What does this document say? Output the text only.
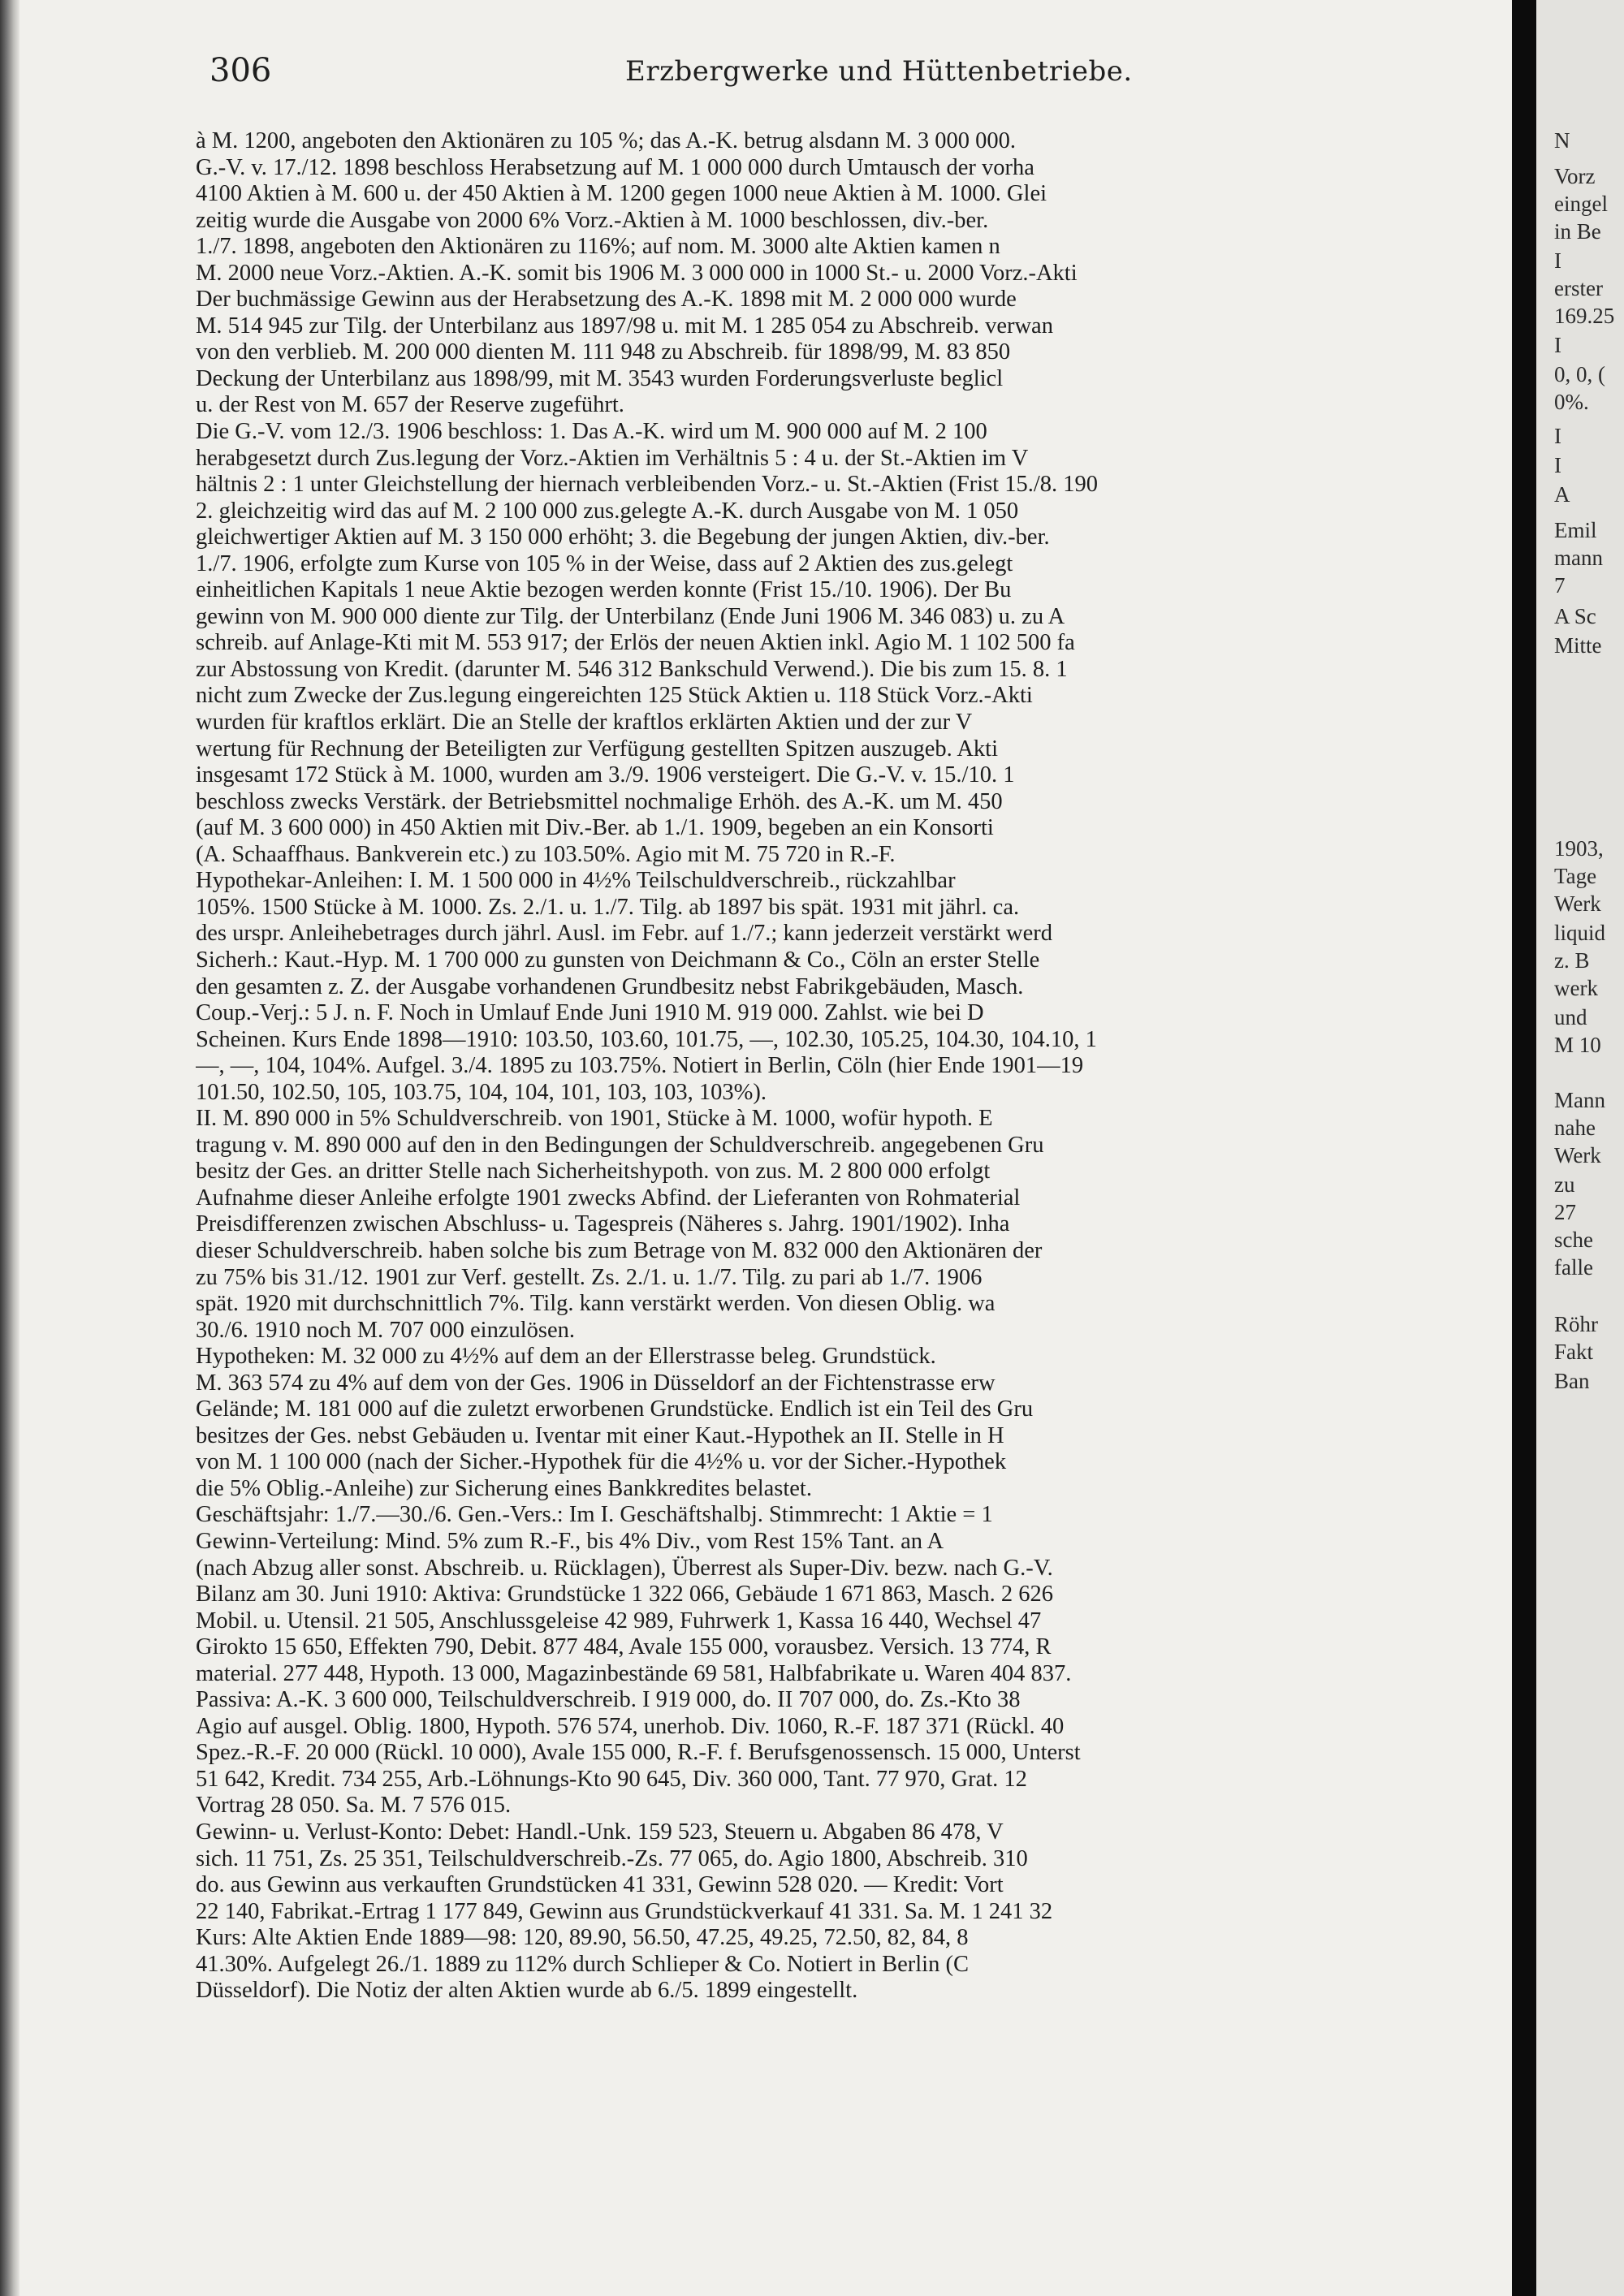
306	Erzbergwerke und Hüttenbetriebe.
à M. 1200, angeboten den Aktionären zu 105 %; das A.-K. betrug alsdann M. 3 000 000.
G.-V. v. 17./12. 1898 beschloss Herabsetzung auf M. 1 000 000 durch Umtausch der vorha
4100 Aktien à M. 600 u. der 450 Aktien à M. 1200 gegen 1000 neue Aktien à M. 1000. Glei
zeitig wurde die Ausgabe von 2000 6% Vorz.-Aktien à M. 1000 beschlossen, div.-ber.
1./7. 1898, angeboten den Aktionären zu 116%; auf nom. M. 3000 alte Aktien kamen n
M. 2000 neue Vorz.-Aktien. A.-K. somit bis 1906 M. 3 000 000 in 1000 St.- u. 2000 Vorz.-Akti
Der buchmässige Gewinn aus der Herabsetzung des A.-K. 1898 mit M. 2 000 000 wurde
M. 514 945 zur Tilg. der Unterbilanz aus 1897/98 u. mit M. 1 285 054 zu Abschreib. verwan
von den verblieb. M. 200 000 dienten M. 111 948 zu Abschreib. für 1898/99, M. 83 850
Deckung der Unterbilanz aus 1898/99, mit M. 3543 wurden Forderungsverluste beglicl
u. der Rest von M. 657 der Reserve zugeführt.
Die G.-V. vom 12./3. 1906 beschloss: 1. Das A.-K. wird um M. 900 000 auf M. 2 100
herabgesetzt durch Zus.legung der Vorz.-Aktien im Verhältnis 5 : 4 u. der St.-Aktien im V
hältnis 2 : 1 unter Gleichstellung der hiernach verbleibenden Vorz.- u. St.-Aktien (Frist 15./8. 190
2. gleichzeitig wird das auf M. 2 100 000 zus.gelegte A.-K. durch Ausgabe von M. 1 050
gleichwertiger Aktien auf M. 3 150 000 erhöht; 3. die Begebung der jungen Aktien, div.-ber.
1./7. 1906, erfolgte zum Kurse von 105 % in der Weise, dass auf 2 Aktien des zus.gelegt
einheitlichen Kapitals 1 neue Aktie bezogen werden konnte (Frist 15./10. 1906). Der Bu
gewinn von M. 900 000 diente zur Tilg. der Unterbilanz (Ende Juni 1906 M. 346 083) u. zu A
schreib. auf Anlage-Kti mit M. 553 917; der Erlös der neuen Aktien inkl. Agio M. 1 102 500 fa
zur Abstossung von Kredit. (darunter M. 546 312 Bankschuld Verwend.). Die bis zum 15. 8. 1
nicht zum Zwecke der Zus.legung eingereichten 125 Stück Aktien u. 118 Stück Vorz.-Akti
wurden für kraftlos erklärt. Die an Stelle der kraftlos erklärten Aktien und der zur V
wertung für Rechnung der Beteiligten zur Verfügung gestellten Spitzen auszugeb. Akti
insgesamt 172 Stück à M. 1000, wurden am 3./9. 1906 versteigert. Die G.-V. v. 15./10. 1
beschloss zwecks Verstärk. der Betriebsmittel nochmalige Erhöh. des A.-K. um M. 450
(auf M. 3 600 000) in 450 Aktien mit Div.-Ber. ab 1./1. 1909, begeben an ein Konsorti
(A. Schaaffhaus. Bankverein etc.) zu 103.50%. Agio mit M. 75 720 in R.-F.
Hypothekar-Anleihen: I. M. 1 500 000 in 4½% Teilschuldverschreib., rückzahlbar
105%. 1500 Stücke à M. 1000. Zs. 2./1. u. 1./7. Tilg. ab 1897 bis spät. 1931 mit jährl. ca.
des urspr. Anleihebetrages durch jährl. Ausl. im Febr. auf 1./7.; kann jederzeit verstärkt werd
Sicherh.: Kaut.-Hyp. M. 1 700 000 zu gunsten von Deichmann & Co., Cöln an erster Stelle
den gesamten z. Z. der Ausgabe vorhandenen Grundbesitz nebst Fabrikgebäuden, Masch.
Coup.-Verj.: 5 J. n. F. Noch in Umlauf Ende Juni 1910 M. 919 000. Zahlst. wie bei D
Scheinen. Kurs Ende 1898—1910: 103.50, 103.60, 101.75, —, 102.30, 105.25, 104.30, 104.10, 1
—, —, 104, 104%. Aufgel. 3./4. 1895 zu 103.75%. Notiert in Berlin, Cöln (hier Ende 1901—19
101.50, 102.50, 105, 103.75, 104, 104, 101, 103, 103, 103%).
II. M. 890 000 in 5% Schuldverschreib. von 1901, Stücke à M. 1000, wofür hypoth. E
tragung v. M. 890 000 auf den in den Bedingungen der Schuldverschreib. angegebenen Gru
besitz der Ges. an dritter Stelle nach Sicherheitshypoth. von zus. M. 2 800 000 erfolgt
Aufnahme dieser Anleihe erfolgte 1901 zwecks Abfind. der Lieferanten von Rohmaterial
Preisdifferenzen zwischen Abschluss- u. Tagespreis (Näheres s. Jahrg. 1901/1902). Inha
dieser Schuldverschreib. haben solche bis zum Betrage von M. 832 000 den Aktionären der
zu 75% bis 31./12. 1901 zur Verf. gestellt. Zs. 2./1. u. 1./7. Tilg. zu pari ab 1./7. 1906
spät. 1920 mit durchschnittlich 7%. Tilg. kann verstärkt werden. Von diesen Oblig. wa
30./6. 1910 noch M. 707 000 einzulösen.
Hypotheken: M. 32 000 zu 4½% auf dem an der Ellerstrasse beleg. Grundstück.
M. 363 574 zu 4% auf dem von der Ges. 1906 in Düsseldorf an der Fichtenstrasse erw
Gelände; M. 181 000 auf die zuletzt erworbenen Grundstücke. Endlich ist ein Teil des Gru
besitzes der Ges. nebst Gebäuden u. Iventar mit einer Kaut.-Hypothek an II. Stelle in H
von M. 1 100 000 (nach der Sicher.-Hypothek für die 4½% u. vor der Sicher.-Hypothek
die 5% Oblig.-Anleihe) zur Sicherung eines Bankkredites belastet.
Geschäftsjahr: 1./7.—30./6. Gen.-Vers.: Im I. Geschäftshalbj. Stimmrecht: 1 Aktie = 1
Gewinn-Verteilung: Mind. 5% zum R.-F., bis 4% Div., vom Rest 15% Tant. an A
(nach Abzug aller sonst. Abschreib. u. Rücklagen), Überrest als Super-Div. bezw. nach G.-V.
Bilanz am 30. Juni 1910: Aktiva: Grundstücke 1 322 066, Gebäude 1 671 863, Masch. 2 626
Mobil. u. Utensil. 21 505, Anschlussgeleise 42 989, Fuhrwerk 1, Kassa 16 440, Wechsel 47
Girokto 15 650, Effekten 790, Debit. 877 484, Avale 155 000, vorausbez. Versich. 13 774, R
material. 277 448, Hypoth. 13 000, Magazinbestände 69 581, Halbfabrikate u. Waren 404 837.
Passiva: A.-K. 3 600 000, Teilschuldverschreib. I 919 000, do. II 707 000, do. Zs.-Kto 38
Agio auf ausgel. Oblig. 1800, Hypoth. 576 574, unerhob. Div. 1060, R.-F. 187 371 (Rückl. 40
Spez.-R.-F. 20 000 (Rückl. 10 000), Avale 155 000, R.-F. f. Berufsgenossensch. 15 000, Unterst
51 642, Kredit. 734 255, Arb.-Löhnungs-Kto 90 645, Div. 360 000, Tant. 77 970, Grat. 12
Vortrag 28 050. Sa. M. 7 576 015.
Gewinn- u. Verlust-Konto: Debet: Handl.-Unk. 159 523, Steuern u. Abgaben 86 478, V
sich. 11 751, Zs. 25 351, Teilschuldverschreib.-Zs. 77 065, do. Agio 1800, Abschreib. 310
do. aus Gewinn aus verkauften Grundstücken 41 331, Gewinn 528 020. — Kredit: Vort
22 140, Fabrikat.-Ertrag 1 177 849, Gewinn aus Grundstückverkauf 41 331. Sa. M. 1 241 32
Kurs: Alte Aktien Ende 1889—98: 120, 89.90, 56.50, 47.25, 49.25, 72.50, 82, 84, 8
41.30%. Aufgelegt 26./1. 1889 zu 112% durch Schlieper & Co. Notiert in Berlin (C
Düsseldorf). Die Notiz der alten Aktien wurde ab 6./5. 1899 eingestellt.
N
Vorz
eingel
in Be
I
erster
169.25
I
0, 0, (
0%.
I
I
A
Emil
mann
7
A Sc
Mitte
1903,
Tage
Werk
liquid
z. B
werk
und
M 10
Mann
nahe
Werk
zu
27
sche
falle
Röhr
Fakt
Ban
